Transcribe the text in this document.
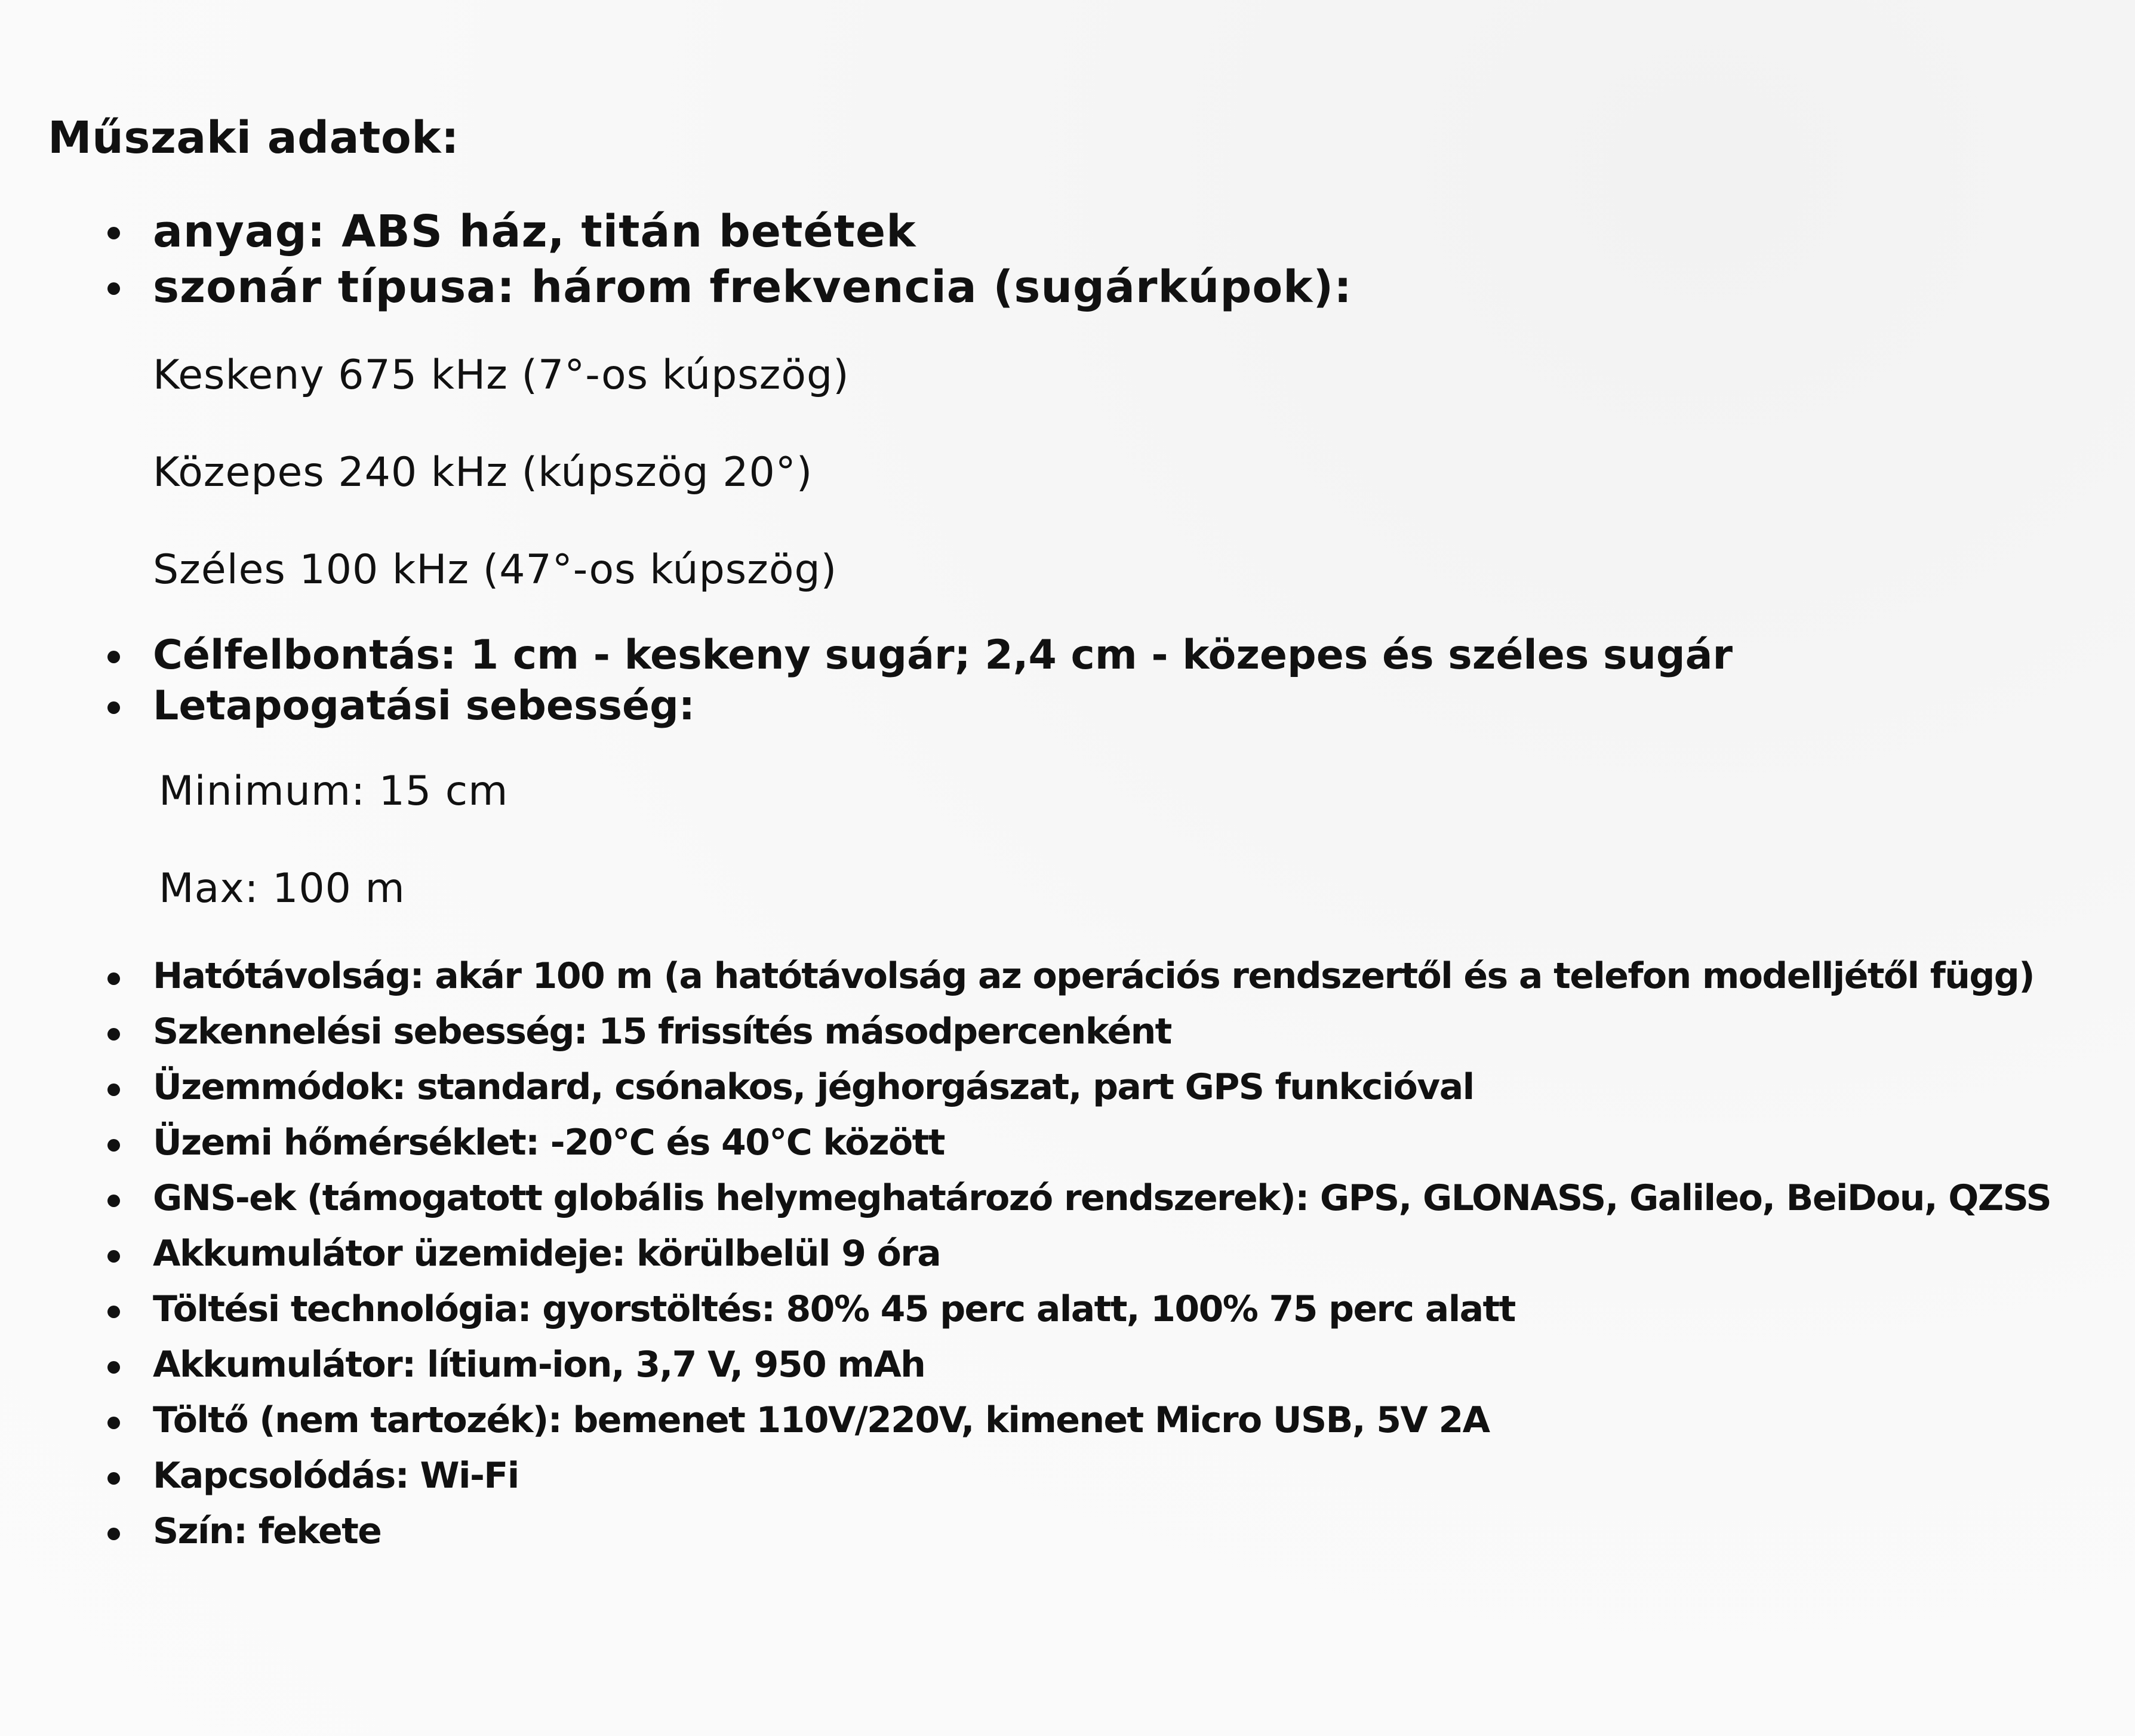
Műszaki adatok:
anyag: ABS ház, titán betétek
szonár típusa: három frekvencia (sugárkúpok):

Keskeny 675 kHz (7°-os kúpszög)

Közepes 240 kHz (kúpszög 20°)

Széles 100 kHz (47°-os kúpszög)

Célfelbontás: 1 cm - keskeny sugár; 2,4 cm - közepes és széles sugár
Letapogatási sebesség:

Minimum: 15 cm

Max: 100 m

Hatótávolság: akár 100 m (a hatótávolság az operációs rendszertől és a telefon modelljétől függ)
Szkennelési sebesség: 15 frissítés másodpercenként
Üzemmódok: standard, csónakos, jéghorgászat, part GPS funkcióval
Üzemi hőmérséklet: -20°C és 40°C között
GNS-ek (támogatott globális helymeghatározó rendszerek): GPS, GLONASS, Galileo, BeiDou, QZSS
Akkumulátor üzemideje: körülbelül 9 óra
Töltési technológia: gyorstöltés: 80% 45 perc alatt, 100% 75 perc alatt
Akkumulátor: lítium-ion, 3,7 V, 950 mAh
Töltő (nem tartozék): bemenet 110V/220V, kimenet Micro USB, 5V 2A
Kapcsolódás: Wi-Fi
Szín: fekete
